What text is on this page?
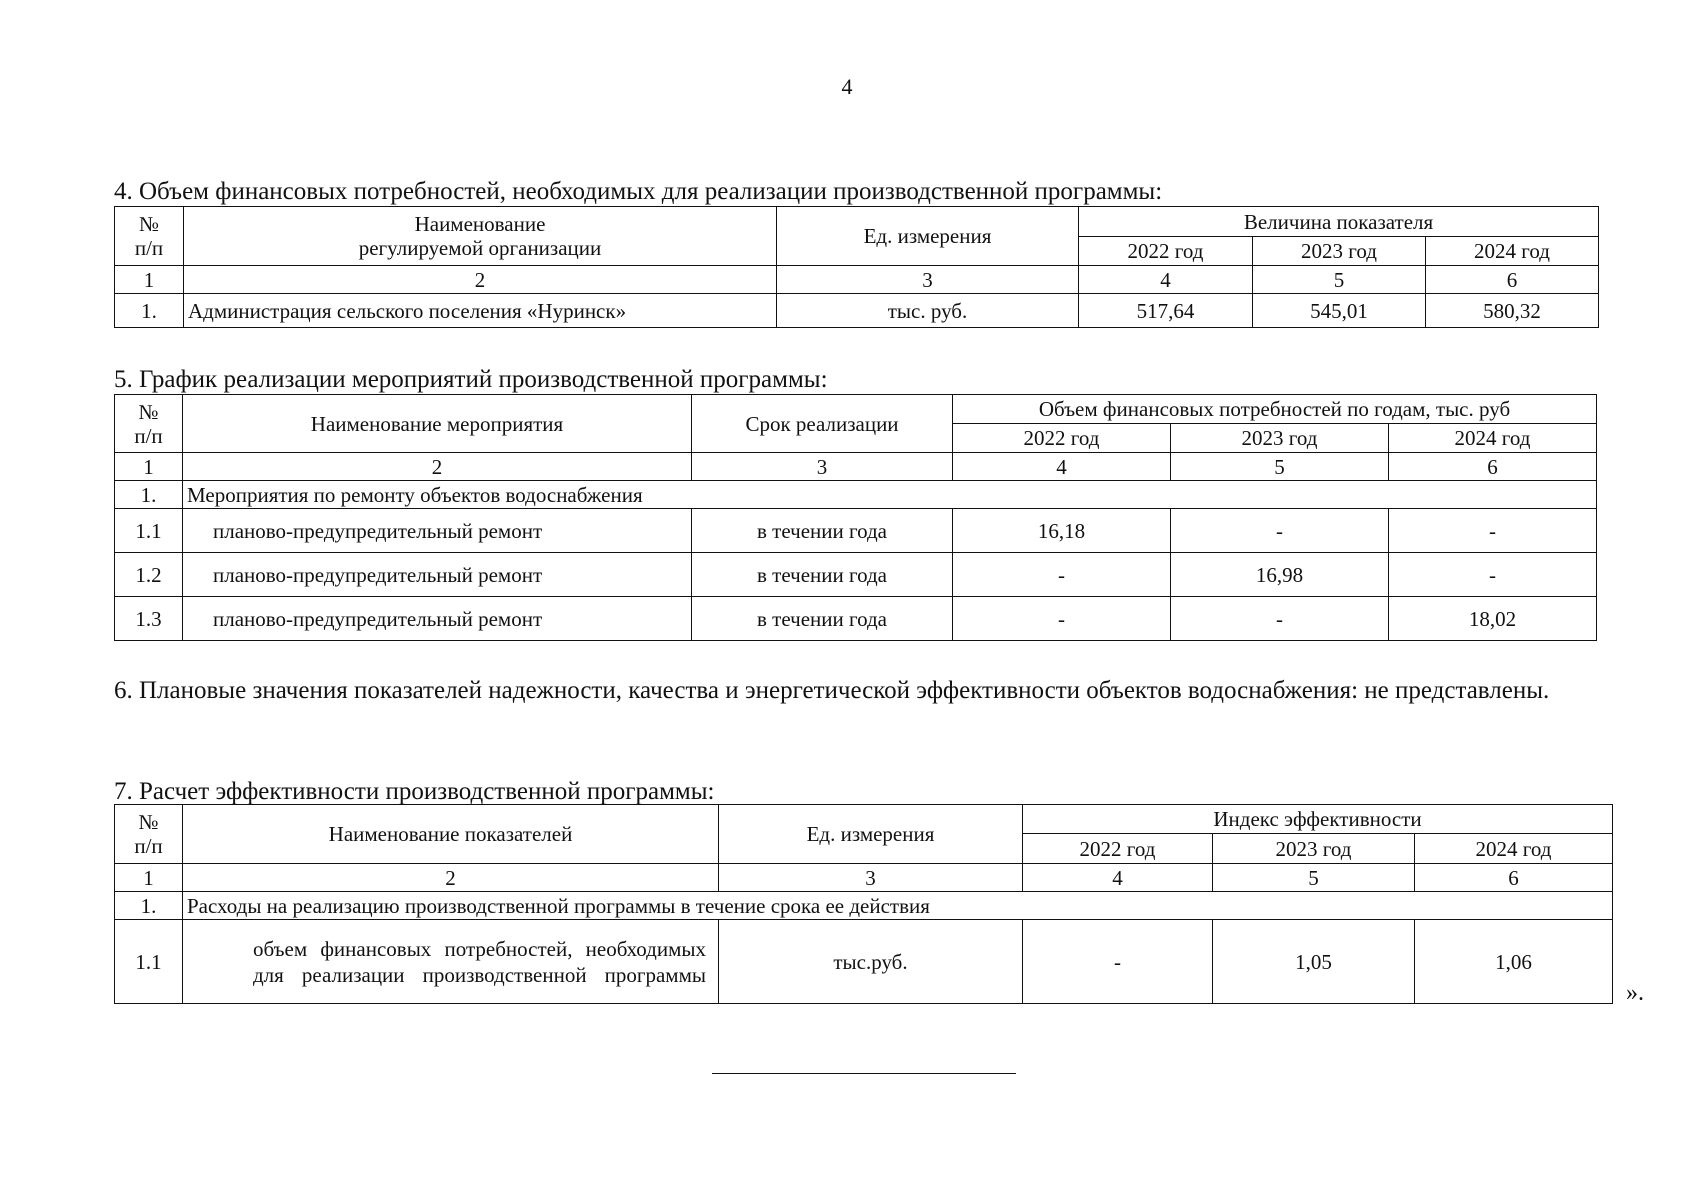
4
4. Объем финансовых потребностей, необходимых для реализации производственной программы:
№
п/п	Наименование
регулируемой организации	Ед. измерения	Величина показателя		
			2022 год	2023 год	2024 год
1	2	3	4	5	6
1.	Администрация сельского поселения «Нуринск»	тыс. руб.	517,64	545,01	580,32
5. График реализации мероприятий производственной программы:
№
п/п	Наименование мероприятия	Срок реализации	Объем финансовых потребностей по годам, тыс. руб		
			2022 год	2023 год	2024 год
1	2	3	4	5	6
1.	Мероприятия по ремонту объектов водоснабжения				
1.1	планово-предупредительный ремонт	в течении года	16,18	-	-
1.2	планово-предупредительный ремонт	в течении года	-	16,98	-
1.3	планово-предупредительный ремонт	в течении года	-	-	18,02
6. Плановые значения показателей надежности, качества и энергетической эффективности объектов водоснабжения: не представлены.
7. Расчет эффективности производственной программы:
№
п/п	Наименование показателей	Ед. измерения	Индекс эффективности		
			2022 год	2023 год	2024 год
1	2	3	4	5	6
1.	Расходы на реализацию производственной программы в течение срока ее действия				
1.1	объем финансовых потребностей, необходимых для реализации производственной программы	тыс.руб.	-	1,05	1,06
».
